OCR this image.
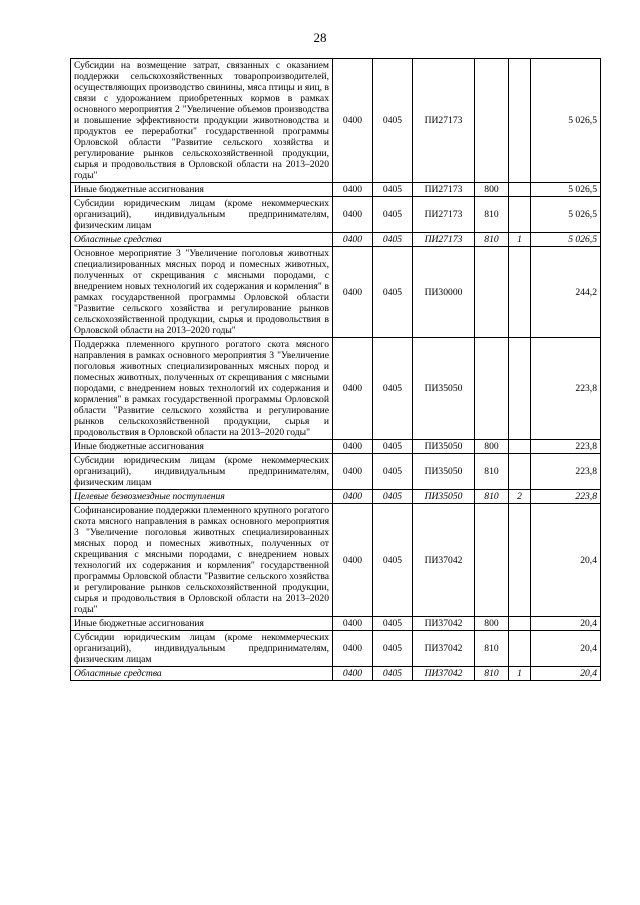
28
Субсидии на возмещение затрат, связанных с оказанием поддержки сельскохозяйственных товаропроизводителей, осуществляющих производство свинины, мяса птицы и яиц, в связи с удорожанием приобретенных кормов в рамках основного мероприятия 2 "Увеличение объемов производства и повышение эффективности продукции животноводства и продуктов ее переработки" государственной программы Орловской области "Развитие сельского хозяйства и регулирование рынков сельскохозяйственной продукции, сырья и продовольствия в Орловской области на 2013–2020 годы"	0400	0405	ПИ27173			5 026,5
Иные бюджетные ассигнования	0400	0405	ПИ27173	800		5 026,5
Субсидии юридическим лицам (кроме некоммерческих организаций), индивидуальным предпринимателям, физическим лицам	0400	0405	ПИ27173	810		5 026,5
Областные средства	0400	0405	ПИ27173	810	1	5 026,5
Основное мероприятие 3 "Увеличение поголовья животных специализированных мясных пород и помесных животных, полученных от скрещивания с мясными породами, с внедрением новых технологий их содержания и кормления" в рамках государственной программы Орловской области "Развитие сельского хозяйства и регулирование рынков сельскохозяйственной продукции, сырья и продовольствия в Орловской области на 2013–2020 годы"	0400	0405	ПИ30000			244,2
Поддержка племенного крупного рогатого скота мясного направления в рамках основного мероприятия 3 "Увеличение поголовья животных специализированных мясных пород и помесных животных, полученных от скрещивания с мясными породами, с внедрением новых технологий их содержания и кормления" в рамках государственной программы Орловской области "Развитие сельского хозяйства и регулирование рынков сельскохозяйственной продукции, сырья и продовольствия в Орловской области на 2013–2020 годы"	0400	0405	ПИ35050			223,8
Иные бюджетные ассигнования	0400	0405	ПИ35050	800		223,8
Субсидии юридическим лицам (кроме некоммерческих организаций), индивидуальным предпринимателям, физическим лицам	0400	0405	ПИ35050	810		223,8
Целевые безвозмездные поступления	0400	0405	ПИ35050	810	2	223,8
Софинансирование поддержки племенного крупного рогатого скота мясного направления в рамках основного мероприятия 3 "Увеличение поголовья животных специализированных мясных пород и помесных животных, полученных от скрещивания с мясными породами, с внедрением новых технологий их содержания и кормления" государственной программы Орловской области "Развитие сельского хозяйства и регулирование рынков сельскохозяйственной продукции, сырья и продовольствия в Орловской области на 2013–2020 годы"	0400	0405	ПИ37042			20,4
Иные бюджетные ассигнования	0400	0405	ПИ37042	800		20,4
Субсидии юридическим лицам (кроме некоммерческих организаций), индивидуальным предпринимателям, физическим лицам	0400	0405	ПИ37042	810		20,4
Областные средства	0400	0405	ПИ37042	810	1	20,4
